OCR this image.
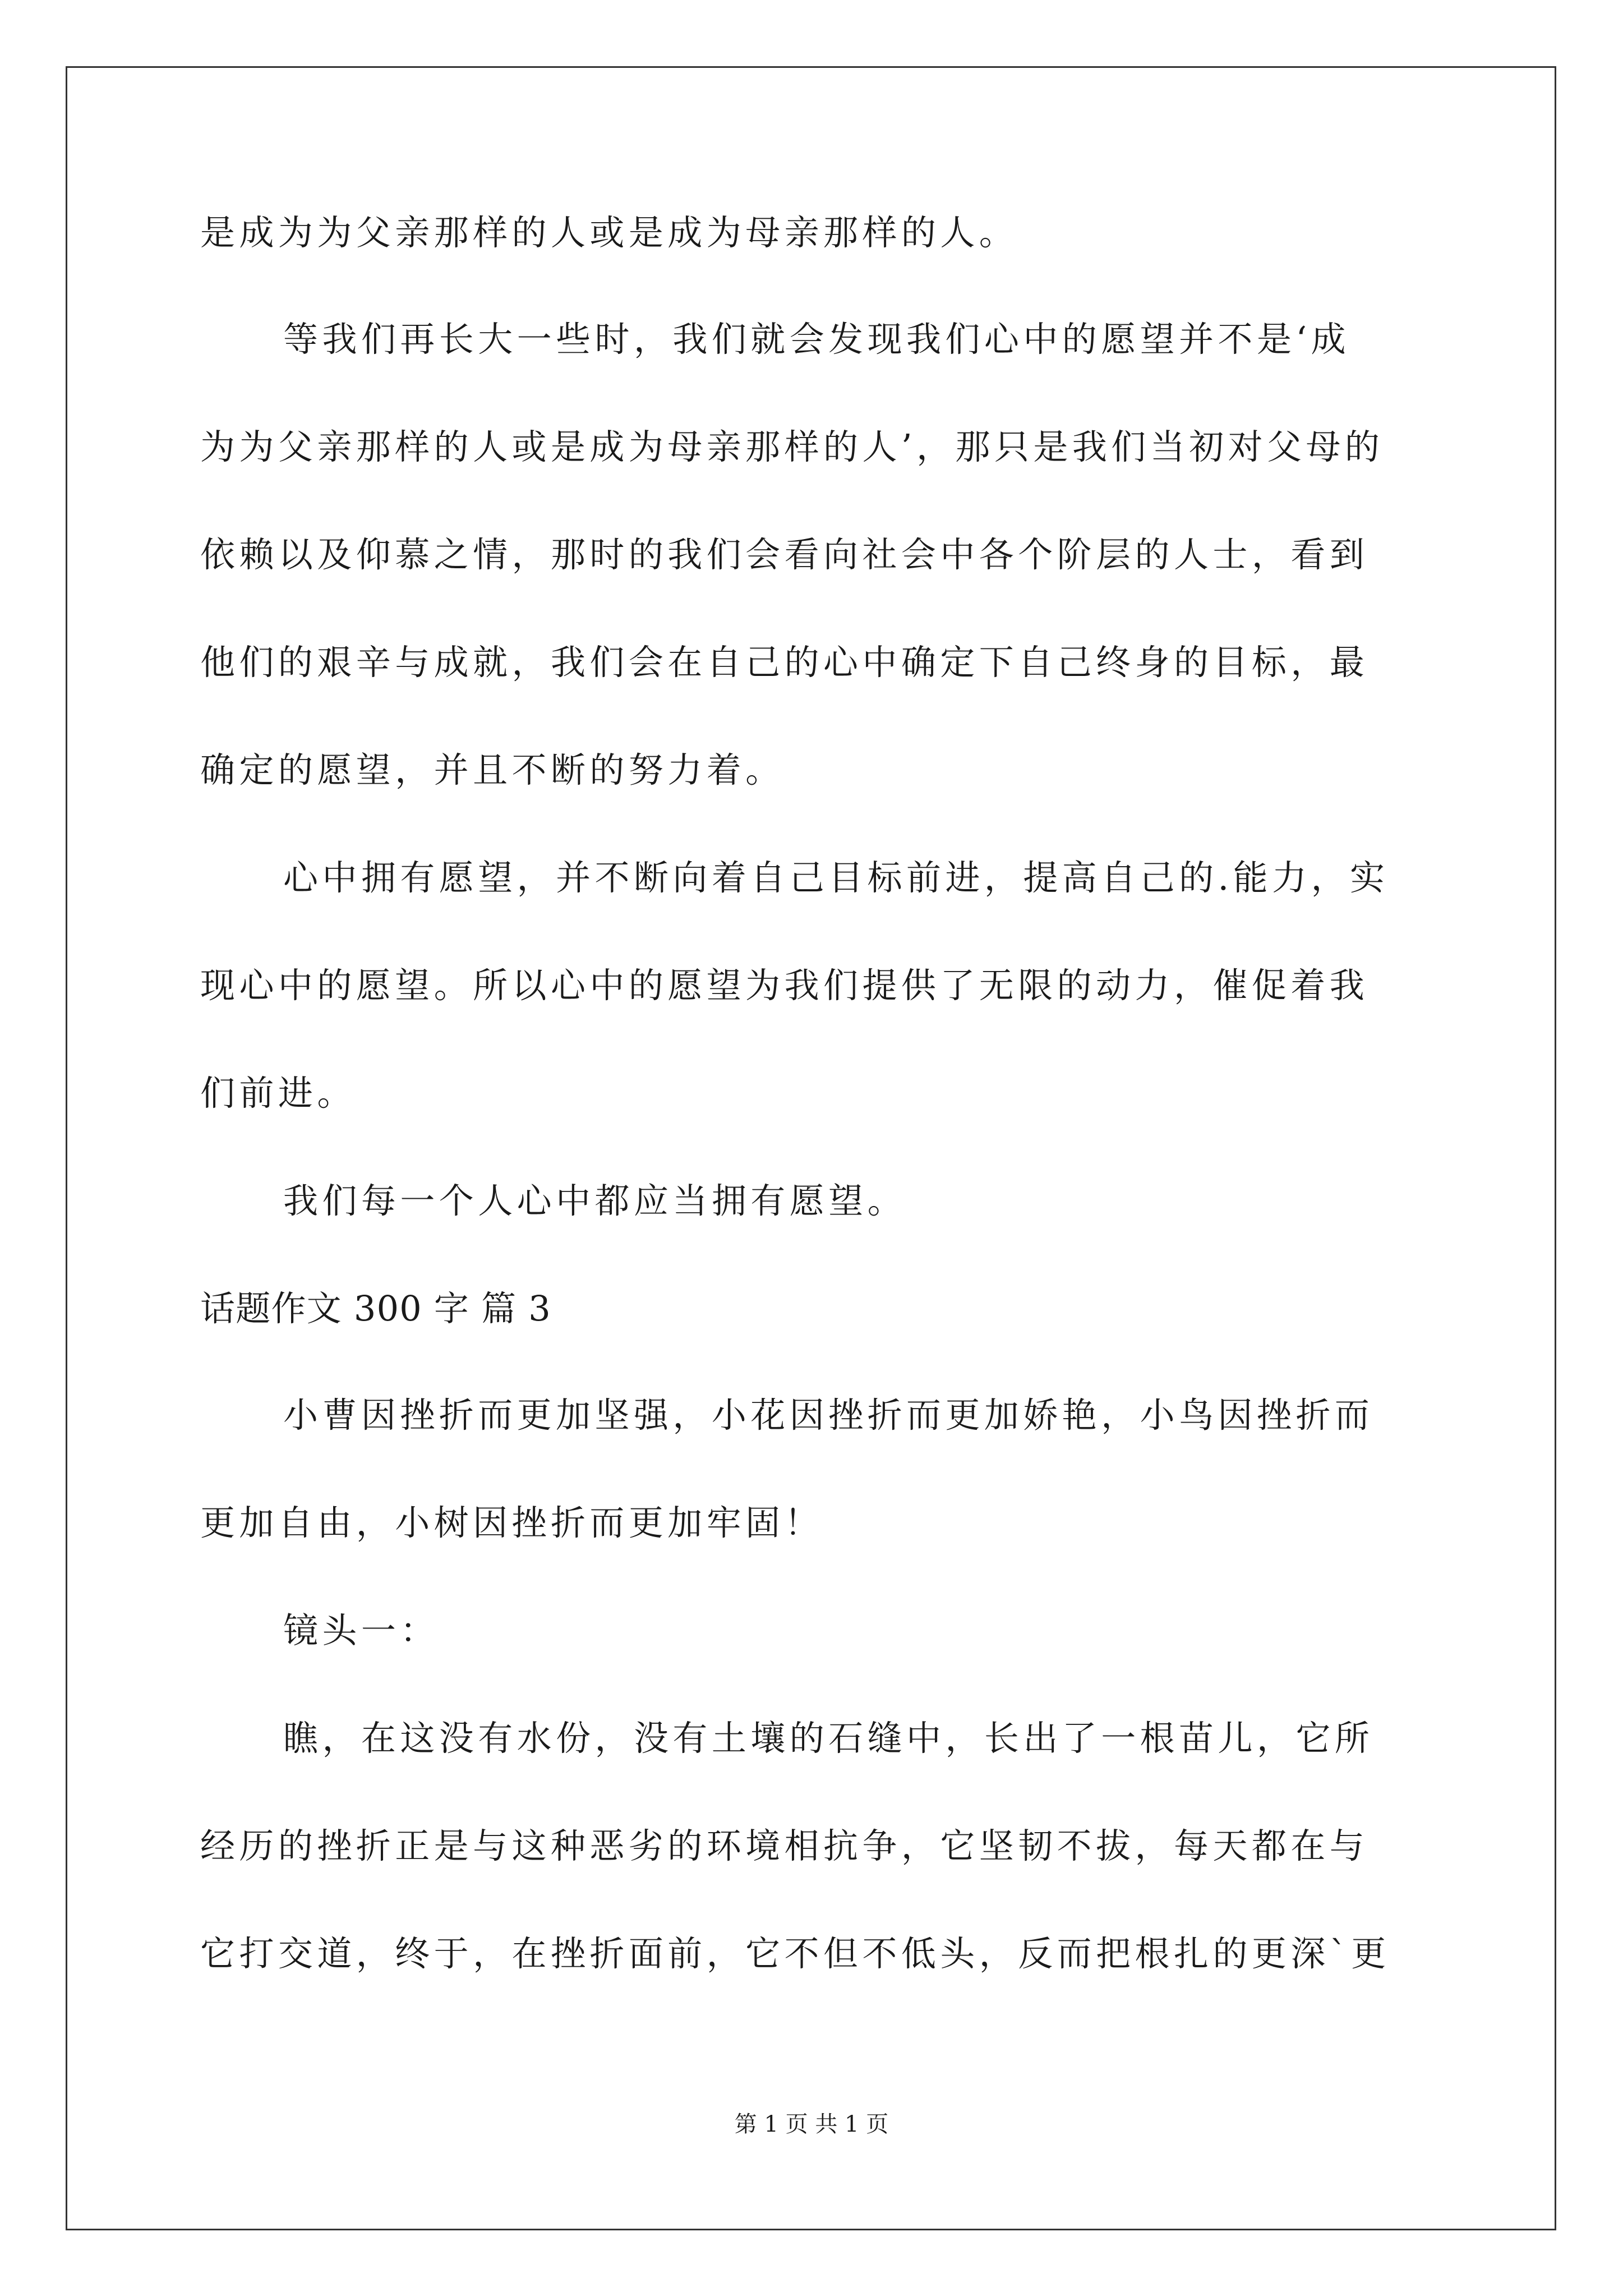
是成为为父亲那样的人或是成为母亲那样的人。
等我们再长大一些时，我们就会发现我们心中的愿望并不是‘成
为为父亲那样的人或是成为母亲那样的人’，那只是我们当初对父母的
依赖以及仰慕之情，那时的我们会看向社会中各个阶层的人士，看到
他们的艰辛与成就，我们会在自己的心中确定下自己终身的目标，最
确定的愿望，并且不断的努力着。
心中拥有愿望，并不断向着自己目标前进，提高自己的.能力，实
现心中的愿望。所以心中的愿望为我们提供了无限的动力，催促着我
们前进。
我们每一个人心中都应当拥有愿望。
话题作文 300 字 篇 3
小曹因挫折而更加坚强，小花因挫折而更加娇艳，小鸟因挫折而
更加自由，小树因挫折而更加牢固！
镜头一：
瞧，在这没有水份，没有土壤的石缝中，长出了一根苗儿，它所
经历的挫折正是与这种恶劣的环境相抗争，它坚韧不拔，每天都在与
它打交道，终于，在挫折面前，它不但不低头，反而把根扎的更深`更
第 1 页 共 1 页
